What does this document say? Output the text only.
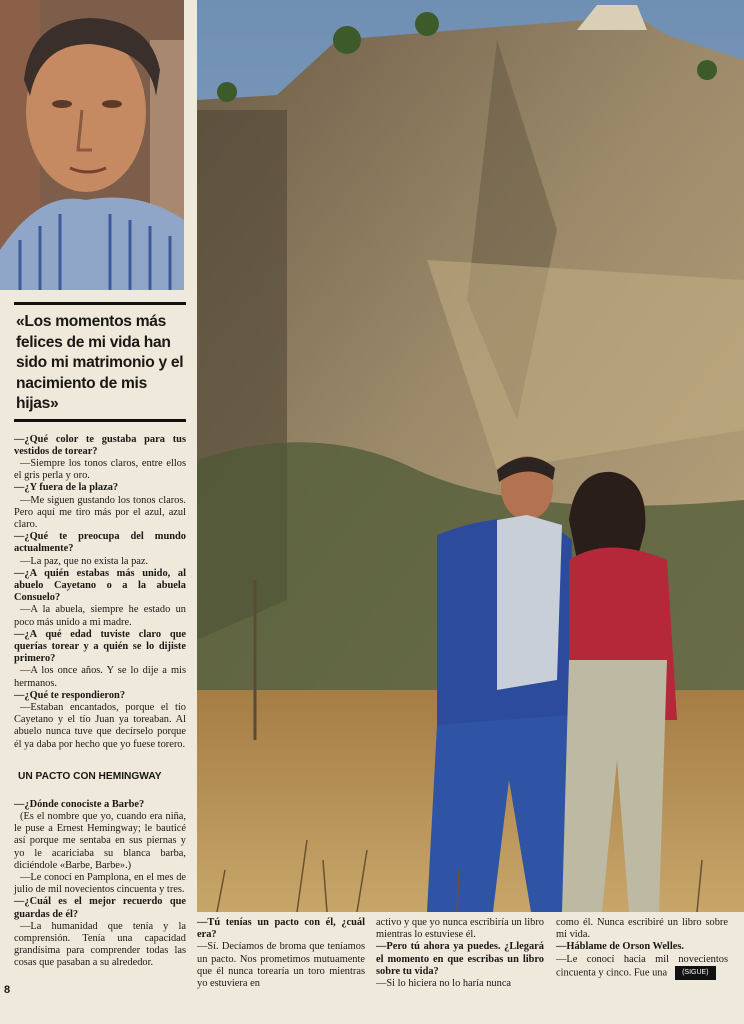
«Los momentos más felices de mi vida han sido mi matrimonio y el nacimiento de mis hijas»

—¿Qué color te gustaba para tus vestidos de torear?

—Siempre los tonos claros, entre ellos el gris perla y oro.

—¿Y fuera de la plaza?

—Me siguen gustando los tonos claros. Pero aquí me tiro más por el azul, azul claro.

—¿Qué te preocupa del mundo actualmente?

—La paz, que no exista la paz.

—¿A quién estabas más unido, al abuelo Cayetano o a la abuela Consuelo?

—A la abuela, siempre he estado un poco más unido a mi madre.

—¿A qué edad tuviste claro que querías torear y a quién se lo dijiste primero?

—A los once años. Y se lo dije a mis hermanos.

—¿Qué te respondieron?

—Estaban encantados, porque el tío Cayetano y el tío Juan ya toreaban. Al abuelo nunca tuve que decírselo porque él ya daba por hecho que yo fuese torero.

UN PACTO CON HEMINGWAY

—¿Dónde conociste a Barbe?

(Es el nombre que yo, cuando era niña, le puse a Ernest Hemingway; le bauticé así porque me sentaba en sus piernas y yo le acariciaba su blanca barba, diciéndole «Barbe, Barbe».)

—Le conocí en Pamplona, en el mes de julio de mil novecientos cincuenta y tres.

—¿Cuál es el mejor recuerdo que guardas de él?

—La humanidad que tenía y la comprensión. Tenía una capacidad grandísima para comprender todas las cosas que pasaban a su alrededor.

—Tú tenías un pacto con él, ¿cuál era?

—Sí. Decíamos de broma que teníamos un pacto. Nos prometimos mutuamente que él nunca torearía un toro mientras yo estuviera en

activo y que yo nunca escribiría un libro mientras lo estuviese él.

—Pero tú ahora ya puedes. ¿Llegará el momento en que escribas un libro sobre tu vida?

—Si lo hiciera no lo haría nunca

como él. Nunca escribiré un libro sobre mi vida.

—Háblame de Orson Welles.

—Le conocí hacia mil novecientos cincuenta y cinco. Fue una (SIGUE)

8
